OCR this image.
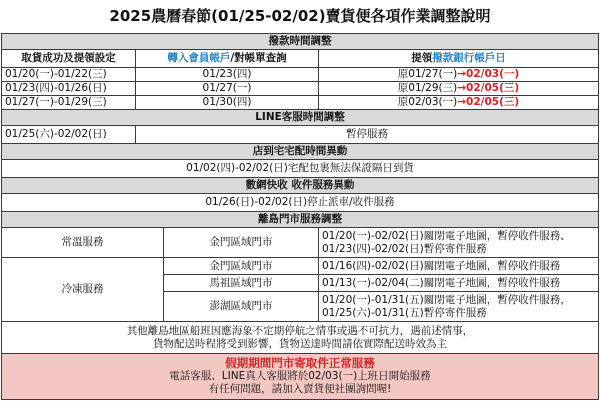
2025農曆春節(01/25-02/02)賣貨便各項作業調整說明
撥款時間調整			
取貨成功及提領設定	轉入會員帳戶/對帳單查詢		提領撥款銀行帳戶日
01/20(一)-01/22(三)	01/23(四)		原01/27(一)→02/03(一)
01/23(四)-01/26(日)	01/27(一)		原01/29(三)→02/05(三)
01/27(一)-01/29(三)	01/30(四)		原02/03(一)→02/05(三)
LINE客服時間調整			
01/25(六)-02/02(日)	暫停服務		
店到宅宅配時間異動			
01/02(四)-02/02(日)宅配包裹無法保證隔日到貨			
數網快收 收件服務異動			
01/26(日)-02/02(日)停止派車/收件服務			
離島門市服務調整			
常溫服務		金門區域門市	01/20(一)-02/02(日)關閉電子地圖，暫停收件服務、
01/23(四)-02/02(日)暫停寄件服務

冷凍服務		金門區域門市	01/16(四)-02/02(日)關閉電子地圖，暫停收件服務
		馬祖區域門市	01/13(一)-02/04(二)關閉電子地圖，暫停收件服務
		澎湖區域門市	01/20(一)-01/31(五)關閉電子地圖，暫停收件服務，
01/25(六)-01/31(五)暫停寄件服務

其他離島地區船班因應海象不定期停航之情事或遇不可抗力，遇前述情事，
貨物配送時程將受到影響，貨物送達時間請依實際配送時效為主			

假期期間門市寄取件正常服務
電話客服、LINE真人客服將於02/03(一)上班日開始服務
有任何問題，請加入賣貨便社團詢問喔!			
